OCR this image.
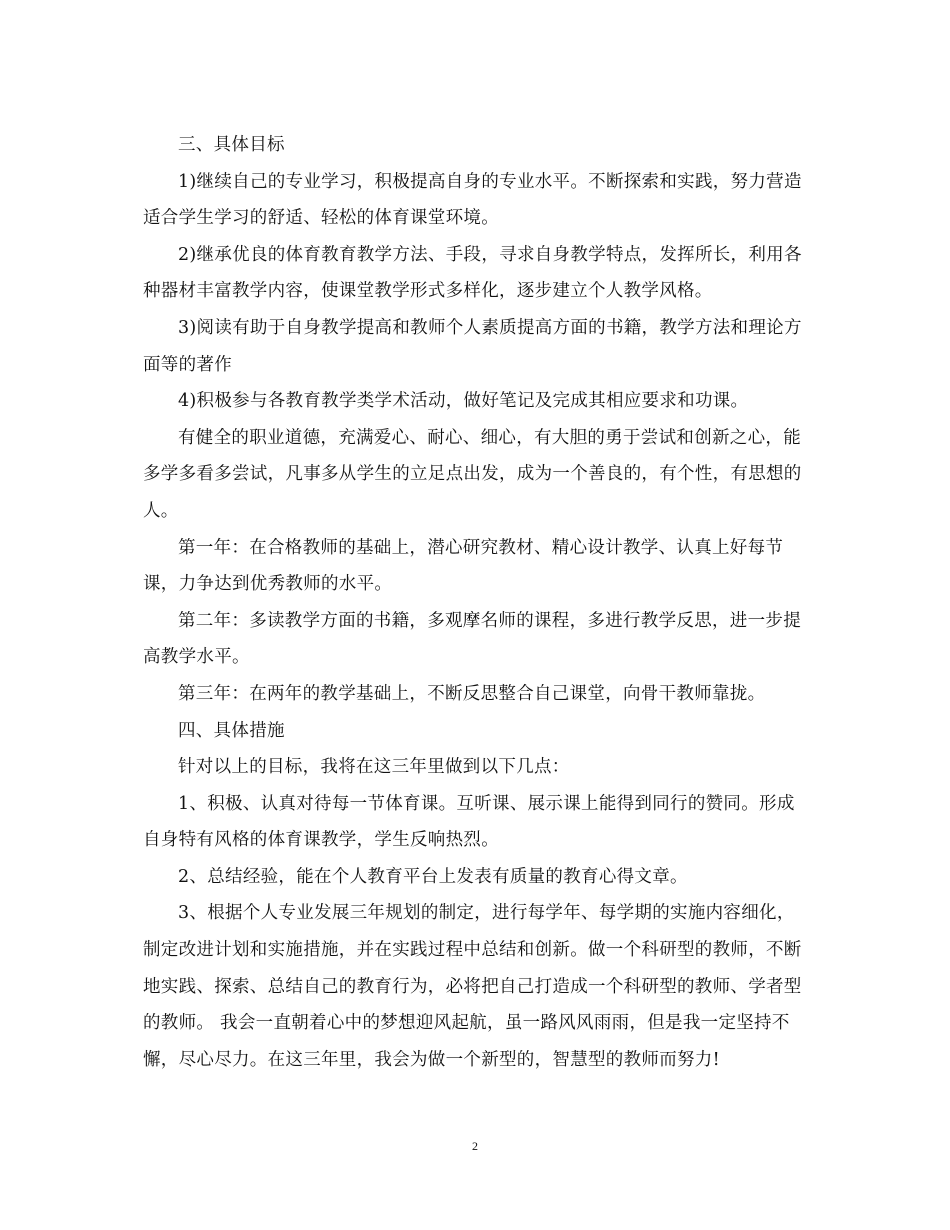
三、具体目标

1)继续自己的专业学习，积极提高自身的专业水平。不断探索和实践，努力营造适合学生学习的舒适、轻松的体育课堂环境。

2)继承优良的体育教育教学方法、手段，寻求自身教学特点，发挥所长，利用各种器材丰富教学内容，使课堂教学形式多样化，逐步建立个人教学风格。

3)阅读有助于自身教学提高和教师个人素质提高方面的书籍，教学方法和理论方面等的著作

4)积极参与各教育教学类学术活动，做好笔记及完成其相应要求和功课。

有健全的职业道德，充满爱心、耐心、细心，有大胆的勇于尝试和创新之心，能多学多看多尝试，凡事多从学生的立足点出发，成为一个善良的，有个性，有思想的人。

第一年：在合格教师的基础上，潜心研究教材、精心设计教学、认真上好每节课，力争达到优秀教师的水平。

第二年：多读教学方面的书籍，多观摩名师的课程，多进行教学反思，进一步提高教学水平。

第三年：在两年的教学基础上，不断反思整合自己课堂，向骨干教师靠拢。

四、具体措施

针对以上的目标，我将在这三年里做到以下几点：

1、积极、认真对待每一节体育课。互听课、展示课上能得到同行的赞同。形成自身特有风格的体育课教学，学生反响热烈。

2、总结经验，能在个人教育平台上发表有质量的教育心得文章。

3、根据个人专业发展三年规划的制定，进行每学年、每学期的实施内容细化，制定改进计划和实施措施，并在实践过程中总结和创新。做一个科研型的教师，不断地实践、探索、总结自己的教育行为，必将把自己打造成一个科研型的教师、学者型的教师。 我会一直朝着心中的梦想迎风起航，虽一路风风雨雨，但是我一定坚持不懈，尽心尽力。在这三年里，我会为做一个新型的，智慧型的教师而努力!

2
